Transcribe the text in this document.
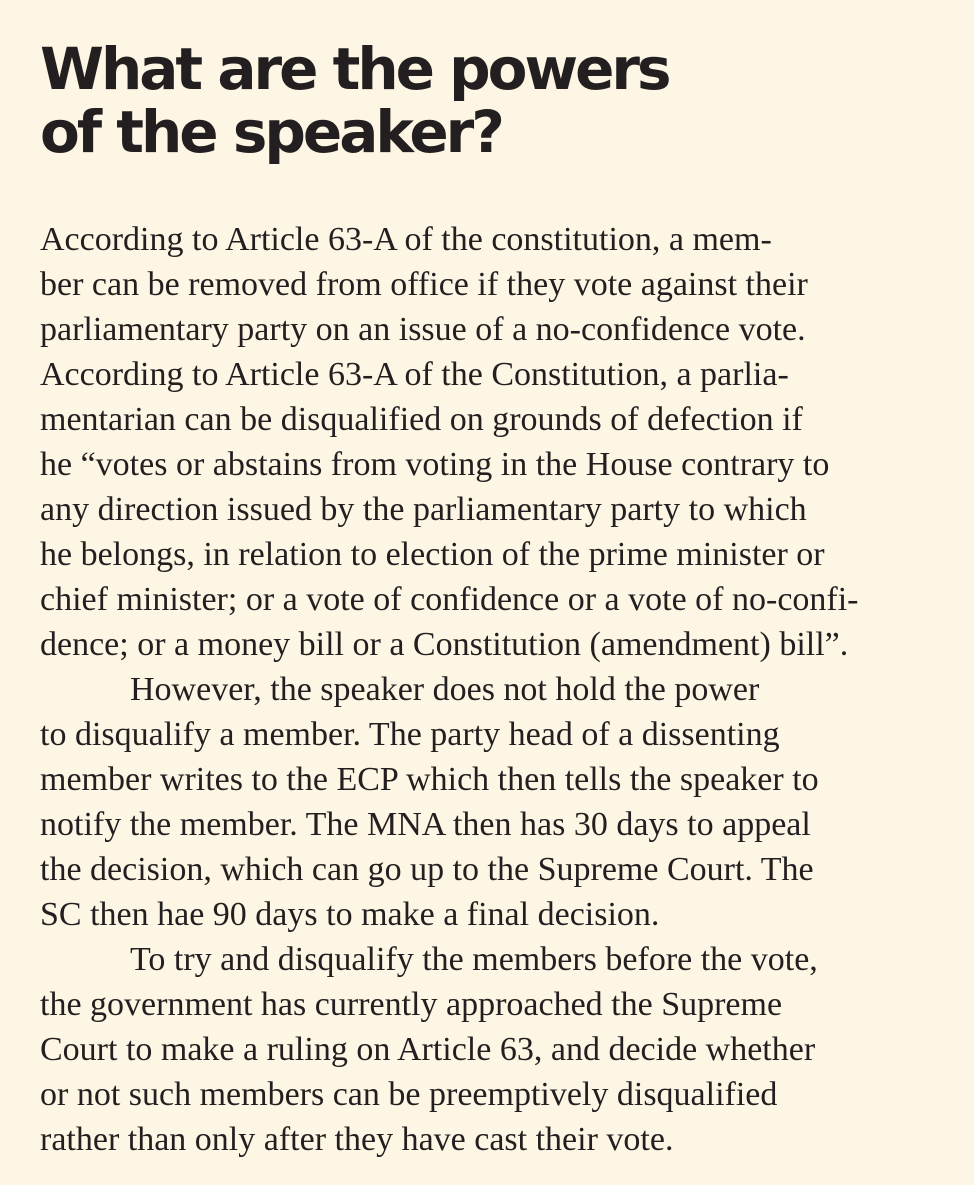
What are the powers
of the speaker?
According to Article 63-A of the constitution, a mem-
ber can be removed from office if they vote against their
parliamentary party on an issue of a no-confidence vote.
According to Article 63-A of the Constitution, a parlia-
mentarian can be disqualified on grounds of defection if
he “votes or abstains from voting in the House contrary to
any direction issued by the parliamentary party to which
he belongs, in relation to election of the prime minister or
chief minister; or a vote of confidence or a vote of no-confi-
dence; or a money bill or a Constitution (amendment) bill”.
However, the speaker does not hold the power
to disqualify a member. The party head of a dissenting
member writes to the ECP which then tells the speaker to
notify the member. The MNA then has 30 days to appeal
the decision, which can go up to the Supreme Court. The
SC then hae 90 days to make a final decision.
To try and disqualify the members before the vote,
the government has currently approached the Supreme
Court to make a ruling on Article 63, and decide whether
or not such members can be preemptively disqualified
rather than only after they have cast their vote.
